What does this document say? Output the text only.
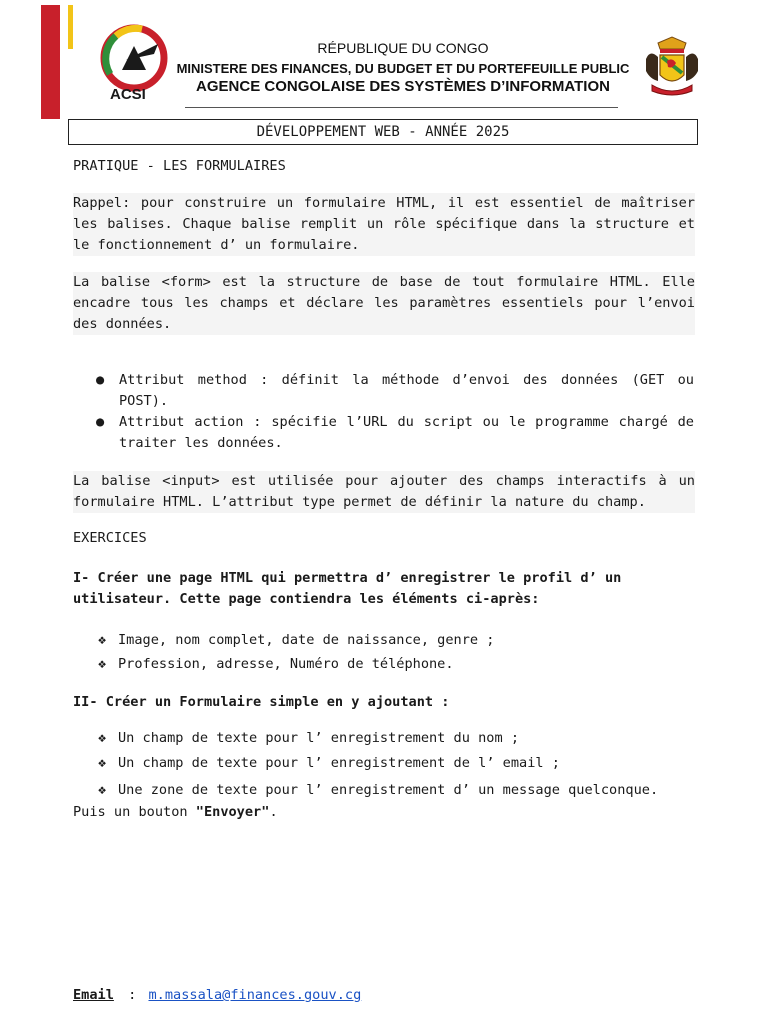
ACSI
RÉPUBLIQUE DU CONGO
MINISTERE DES FINANCES, DU BUDGET ET DU PORTEFEUILLE PUBLIC
AGENCE CONGOLAISE DES SYSTÈMES D’INFORMATION
DÉVELOPPEMENT WEB - ANNÉE 2025
PRATIQUE - LES FORMULAIRES
Rappel: pour construire un formulaire HTML, il est essentiel de maîtriser les balises. Chaque balise remplit un rôle spécifique dans la structure et le fonctionnement d’ un formulaire.
La balise <form> est la structure de base de tout formulaire HTML. Elle encadre tous les champs et déclare les paramètres essentiels pour l’envoi des données.
●	Attribut method : définit la méthode d’envoi des données (GET ou POST).
●	Attribut action : spécifie l’URL du script ou le programme chargé de traiter les données.
La balise <input> est utilisée pour ajouter des champs interactifs à un formulaire HTML. L’attribut type permet de définir la nature du champ.
EXERCICES
I- Créer une page HTML qui permettra d’ enregistrer le profil d’ un utilisateur. Cette page contiendra les éléments ci-après:
❖ Image, nom complet, date de naissance, genre ;
❖ Profession, adresse, Numéro de téléphone.
II- Créer un Formulaire simple en y ajoutant :
❖ Un champ de texte pour l’ enregistrement du nom ;
❖ Un champ de texte pour l’ enregistrement de l’ email ;
❖ Une zone de texte pour l’ enregistrement d’ un message quelconque.
Puis un bouton "Envoyer".
Email : m.massala@finances.gouv.cg
